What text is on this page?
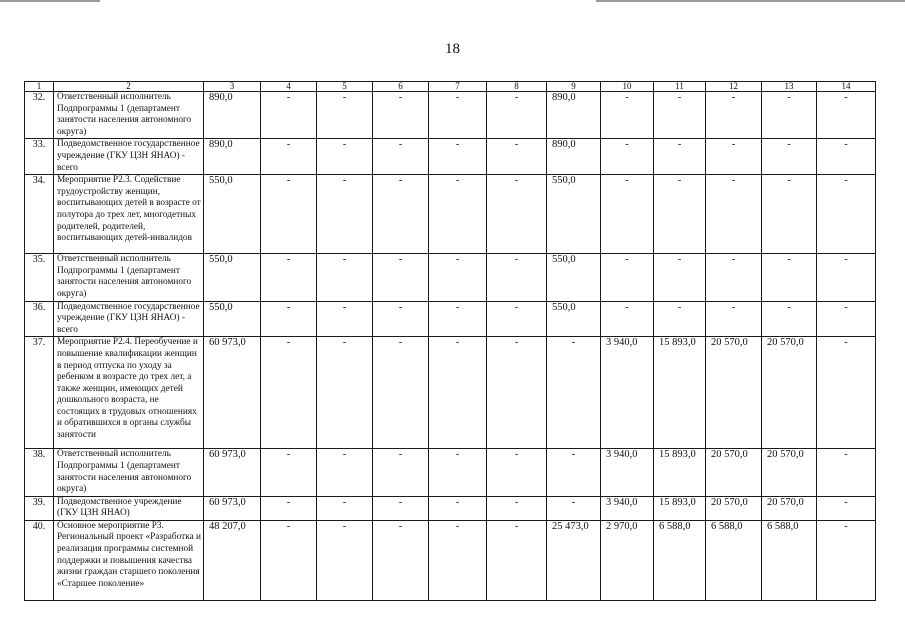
18
1	2	3	4	5	6	7	8	9	10	11	12	13	14
32.	Ответственный исполнитель Подпрограммы 1 (департамент занятости населения автономного округа)	890,0	-	-	-	-	-	890,0	-	-	-	-	-
33.	Подведомственное государственное учреждение (ГКУ ЦЗН ЯНАО) - всего	890,0	-	-	-	-	-	890,0	-	-	-	-	-
34.	Мероприятие Р2.3. Содействие трудоустройству женщин, воспитывающих детей в возрасте от полутора до трех лет, многодетных родителей, родителей, воспитывающих детей-инвалидов	550,0	-	-	-	-	-	550,0	-	-	-	-	-
35.	Ответственный исполнитель Подпрограммы 1 (департамент занятости населения автономного округа)	550,0	-	-	-	-	-	550,0	-	-	-	-	-
36.	Подведомственное государственное учреждение (ГКУ ЦЗН ЯНАО) - всего	550,0	-	-	-	-	-	550,0	-	-	-	-	-
37.	Мероприятие Р2.4. Переобучение и повышение квалификации женщин в период отпуска по уходу за ребенком в возрасте до трех лет, а также женщин, имеющих детей дошкольного возраста, не состоящих в трудовых отношениях и обратившихся в органы службы занятости	60 973,0	-	-	-	-	-	-	3 940,0	15 893,0	20 570,0	20 570,0	-
38.	Ответственный исполнитель Подпрограммы 1 (департамент занятости населения автономного округа)	60 973,0	-	-	-	-	-	-	3 940,0	15 893,0	20 570,0	20 570,0	-
39.	Подведомственное учреждение (ГКУ ЦЗН ЯНАО)	60 973,0	-	-	-	-	-	-	3 940,0	15 893,0	20 570,0	20 570,0	-
40.	Основное мероприятие Р3. Региональный проект «Разработка и реализация программы системной поддержки и повышения качества жизни граждан старшего поколения «Старшее поколение»	48 207,0	-	-	-	-	-	25 473,0	2 970,0	6 588,0	6 588,0	6 588,0	-
